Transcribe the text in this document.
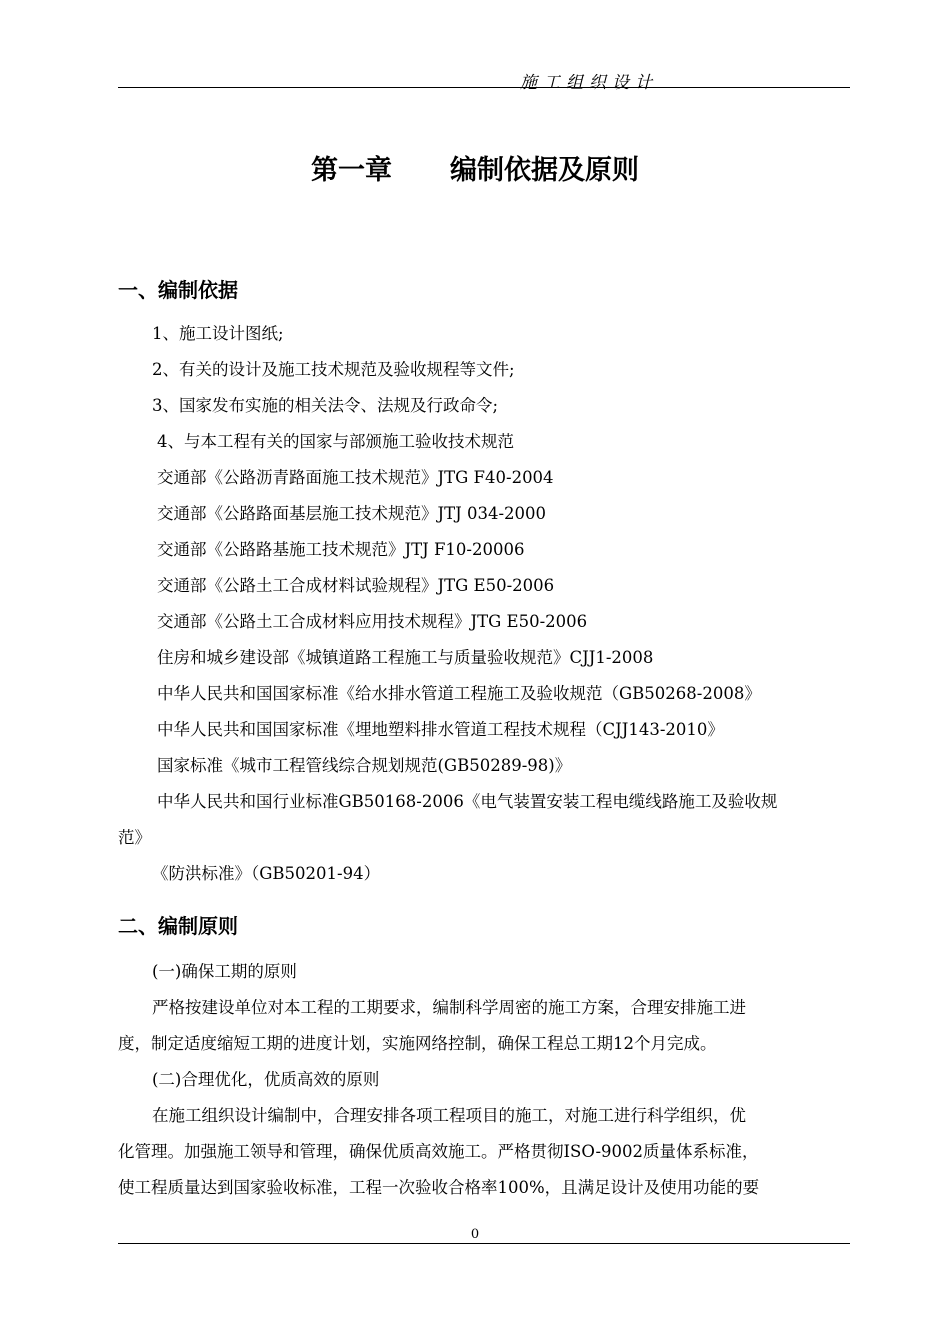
施工组织设计
第一章 编制依据及原则
一、编制依据
1、施工设计图纸;
2、有关的设计及施工技术规范及验收规程等文件;
3、国家发布实施的相关法令、法规及行政命令;
4、与本工程有关的国家与部颁施工验收技术规范
交通部《公路沥青路面施工技术规范》JTG F40-2004
交通部《公路路面基层施工技术规范》JTJ 034-2000
交通部《公路路基施工技术规范》JTJ F10-20006
交通部《公路土工合成材料试验规程》JTG E50-2006
交通部《公路土工合成材料应用技术规程》JTG E50-2006
住房和城乡建设部《城镇道路工程施工与质量验收规范》CJJ1-2008
中华人民共和国国家标准《给水排水管道工程施工及验收规范（GB50268-2008》
中华人民共和国国家标准《埋地塑料排水管道工程技术规程（CJJ143-2010》
国家标准《城市工程管线综合规划规范(GB50289-98)》
中华人民共和国行业标准GB50168-2006《电气装置安装工程电缆线路施工及验收规
范》
《防洪标准》（GB50201-94）
二、编制原则
(一)确保工期的原则
严格按建设单位对本工程的工期要求，编制科学周密的施工方案，合理安排施工进
度，制定适度缩短工期的进度计划，实施网络控制，确保工程总工期12个月完成。
(二)合理优化，优质高效的原则
在施工组织设计编制中，合理安排各项工程项目的施工，对施工进行科学组织，优
化管理。加强施工领导和管理，确保优质高效施工。严格贯彻ISO-9002质量体系标准，
使工程质量达到国家验收标准，工程一次验收合格率100%，且满足设计及使用功能的要
0
